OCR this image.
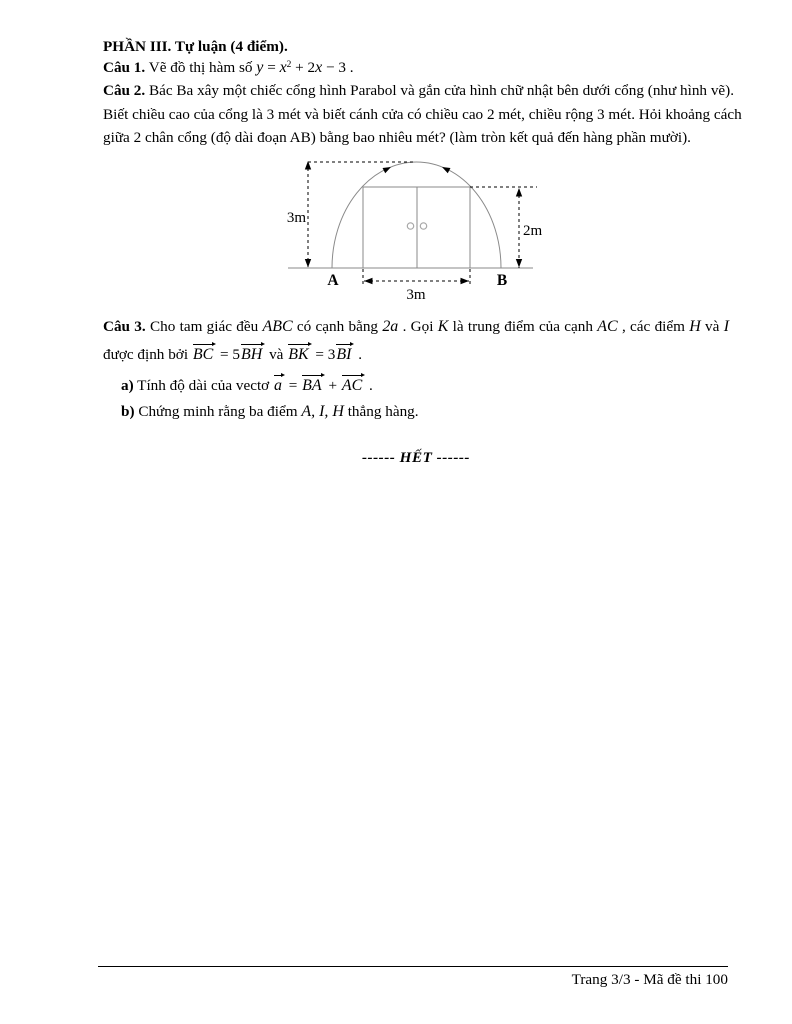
PHẦN III. Tự luận (4 điểm).
Câu 1. Vẽ đồ thị hàm số $y = x^2 + 2x - 3$ .
Câu 2. Bác Ba xây một chiếc cổng hình Parabol và gắn cửa hình chữ nhật bên dưới cổng (như hình vẽ).
Biết chiều cao của cổng là 3 mét và biết cánh cửa có chiều cao 2 mét, chiều rộng 3 mét. Hỏi khoảng cách
giữa 2 chân cổng (độ dài đoạn AB) bằng bao nhiêu mét? (làm tròn kết quả đến hàng phần mười).
3m
2m
3m
A	B
Câu 3. Cho tam giác đều ABC có cạnh bằng 2a . Gọi K là trung điểm của cạnh AC , các điểm H và I
được định bởi BC = 5BH và BK = 3BI .
a) Tính độ dài của vectơ a = BA + AC .
b) Chứng minh rằng ba điểm A, I, H thẳng hàng.
------ HẾT ------
Trang 3/3 - Mã đề thi 100
